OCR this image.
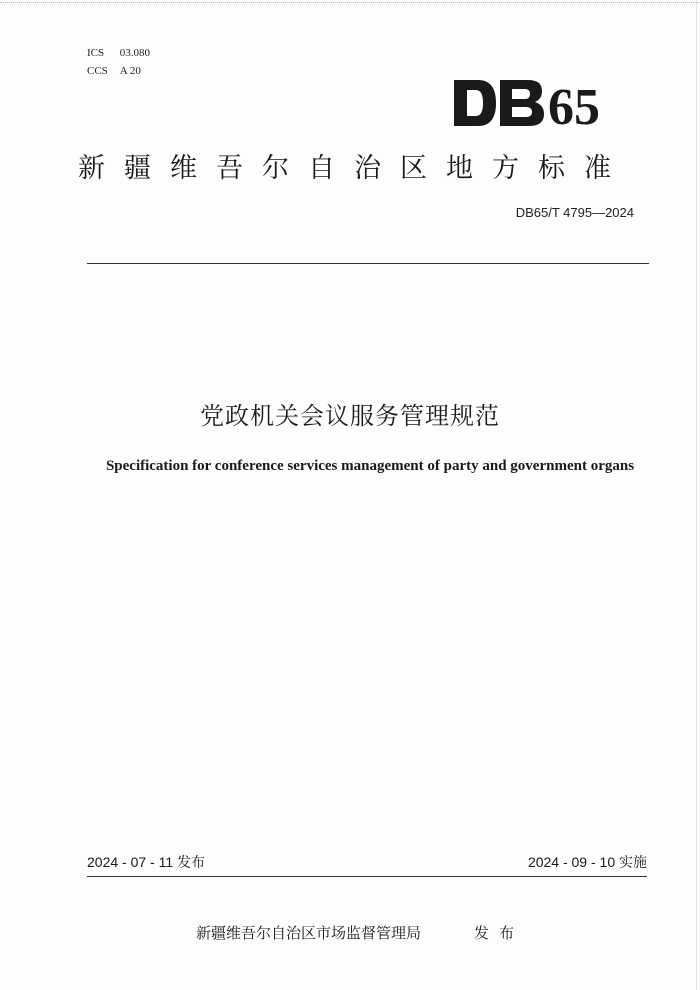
ICS 03.080
CCS A 20
65
新疆维吾尔自治区地方标准
DB65/T 4795—2024
党政机关会议服务管理规范
Specification for conference services management of party and government organs
2024 - 07 - 11 发布	2024 - 09 - 10 实施
新疆维吾尔自治区市场监督管理局	发布
